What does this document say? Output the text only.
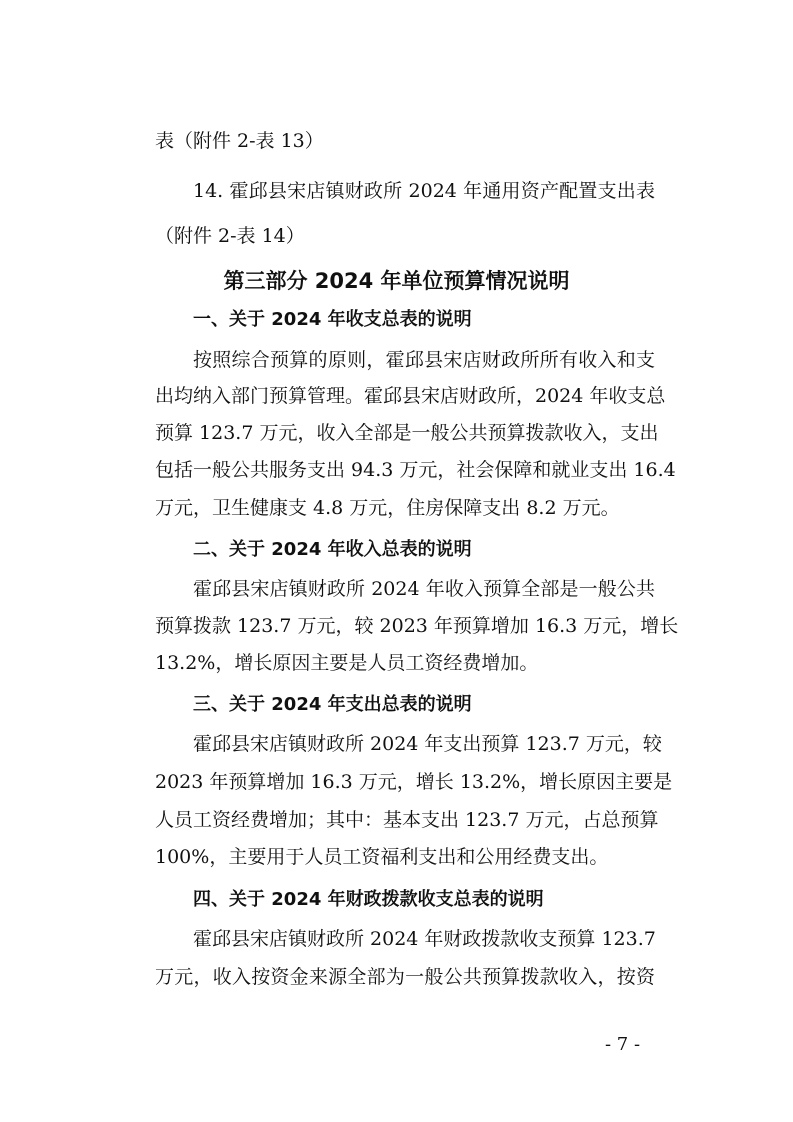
表（附件 2-表 13）
14. 霍邱县宋店镇财政所 2024 年通用资产配置支出表
（附件 2-表 14）
第三部分 2024 年单位预算情况说明
一、关于 2024 年收支总表的说明
按照综合预算的原则，霍邱县宋店财政所所有收入和支
出均纳入部门预算管理。霍邱县宋店财政所，2024 年收支总
预算 123.7 万元，收入全部是一般公共预算拨款收入，支出
包括一般公共服务支出 94.3 万元，社会保障和就业支出 16.4
万元，卫生健康支 4.8 万元，住房保障支出 8.2 万元。
二、关于 2024 年收入总表的说明
霍邱县宋店镇财政所 2024 年收入预算全部是一般公共
预算拨款 123.7 万元，较 2023 年预算增加 16.3 万元，增长
13.2%，增长原因主要是人员工资经费增加。
三、关于 2024 年支出总表的说明
霍邱县宋店镇财政所 2024 年支出预算 123.7 万元，较
2023 年预算增加 16.3 万元，增长 13.2%，增长原因主要是
人员工资经费增加；其中：基本支出 123.7 万元，占总预算
100%，主要用于人员工资福利支出和公用经费支出。
四、关于 2024 年财政拨款收支总表的说明
霍邱县宋店镇财政所 2024 年财政拨款收支预算 123.7
万元，收入按资金来源全部为一般公共预算拨款收入，按资
- 7 -
